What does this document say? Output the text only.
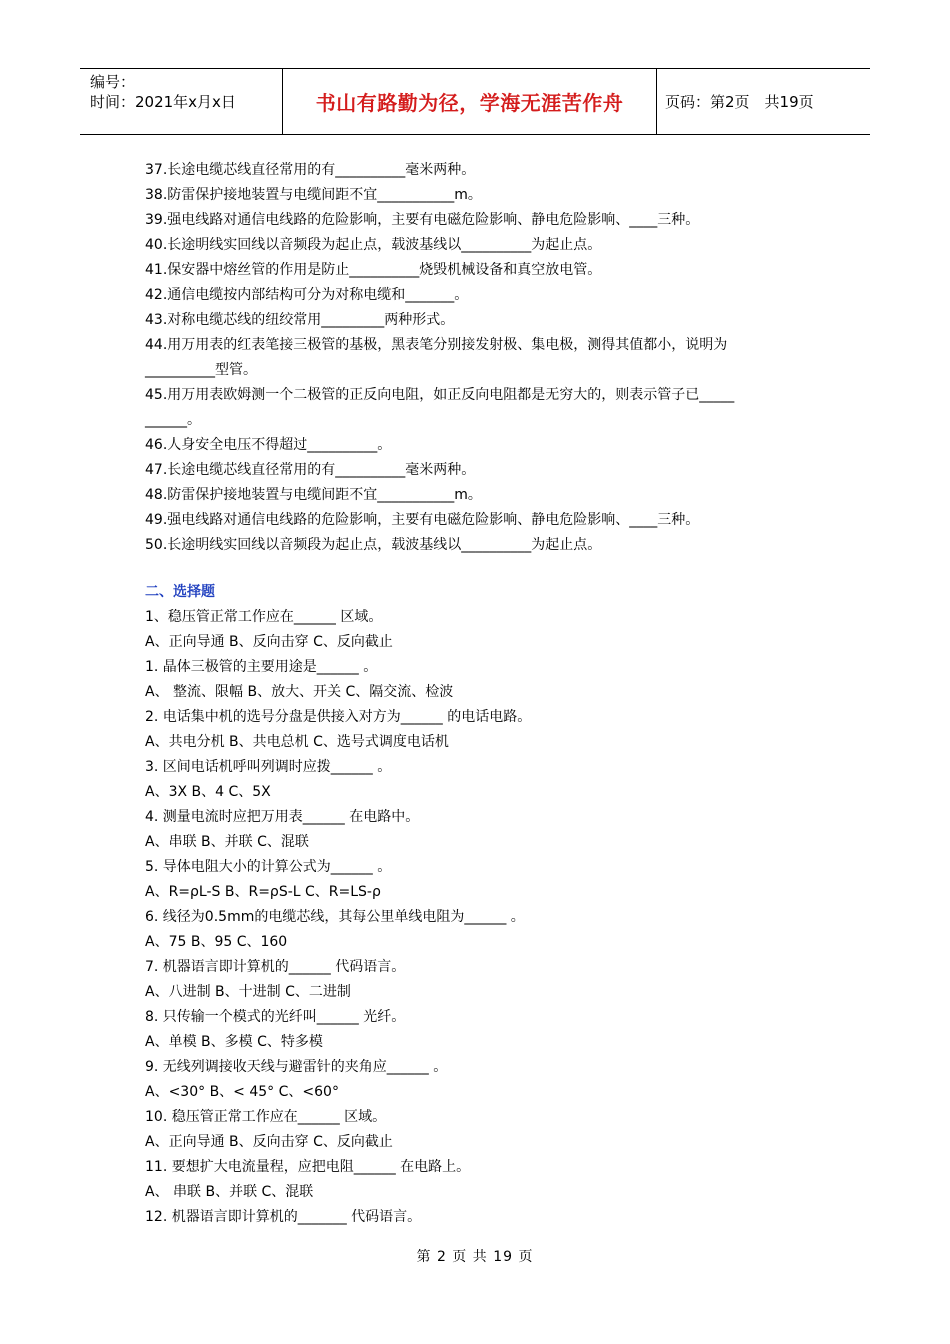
编号：
时间：2021年x月x日	书山有路勤为径，学海无涯苦作舟	页码：第2页　共19页
37.长途电缆芯线直径常用的有__________毫米两种。
38.防雷保护接地装置与电缆间距不宜___________m。
39.强电线路对通信电线路的危险影响，主要有电磁危险影响、静电危险影响、____三种。
40.长途明线实回线以音频段为起止点，载波基线以__________为起止点。
41.保安器中熔丝管的作用是防止__________烧毁机械设备和真空放电管。
42.通信电缆按内部结构可分为对称电缆和_______。
43.对称电缆芯线的纽绞常用_________两种形式。
44.用万用表的红表笔接三极管的基极，黑表笔分别接发射极、集电极，测得其值都小，说明为
__________型管。
45.用万用表欧姆测一个二极管的正反向电阻，如正反向电阻都是无穷大的，则表示管子已_____
______。
46.人身安全电压不得超过__________。
47.长途电缆芯线直径常用的有__________毫米两种。
48.防雷保护接地装置与电缆间距不宜___________m。
49.强电线路对通信电线路的危险影响，主要有电磁危险影响、静电危险影响、____三种。
50.长途明线实回线以音频段为起止点，载波基线以__________为起止点。
二、选择题
1、稳压管正常工作应在______ 区域。
A、正向导通 B、反向击穿 C、反向截止
1. 晶体三极管的主要用途是______ 。
A、 整流、限幅 B、放大、开关 C、隔交流、检波
2. 电话集中机的选号分盘是供接入对方为______ 的电话电路。
A、共电分机 B、共电总机 C、选号式调度电话机
3. 区间电话机呼叫列调时应拨______ 。
A、3X B、4 C、5X
4. 测量电流时应把万用表______ 在电路中。
A、串联 B、并联 C、混联
5. 导体电阻大小的计算公式为______ 。
A、R=ρL-S B、R=ρS-L C、R=LS-ρ
6. 线径为0.5mm的电缆芯线，其每公里单线电阻为______ 。
A、75 B、95 C、160
7. 机器语言即计算机的______ 代码语言。
A、八进制 B、十进制 C、二进制
8. 只传输一个模式的光纤叫______ 光纤。
A、单模 B、多模 C、特多模
9. 无线列调接收天线与避雷针的夹角应______ 。
A、<30° B、< 45° C、<60°
10. 稳压管正常工作应在______ 区域。
A、正向导通 B、反向击穿 C、反向截止
11. 要想扩大电流量程，应把电阻______ 在电路上。
A、 串联 B、并联 C、混联
12. 机器语言即计算机的_______ 代码语言。
第 2 页 共 19 页
